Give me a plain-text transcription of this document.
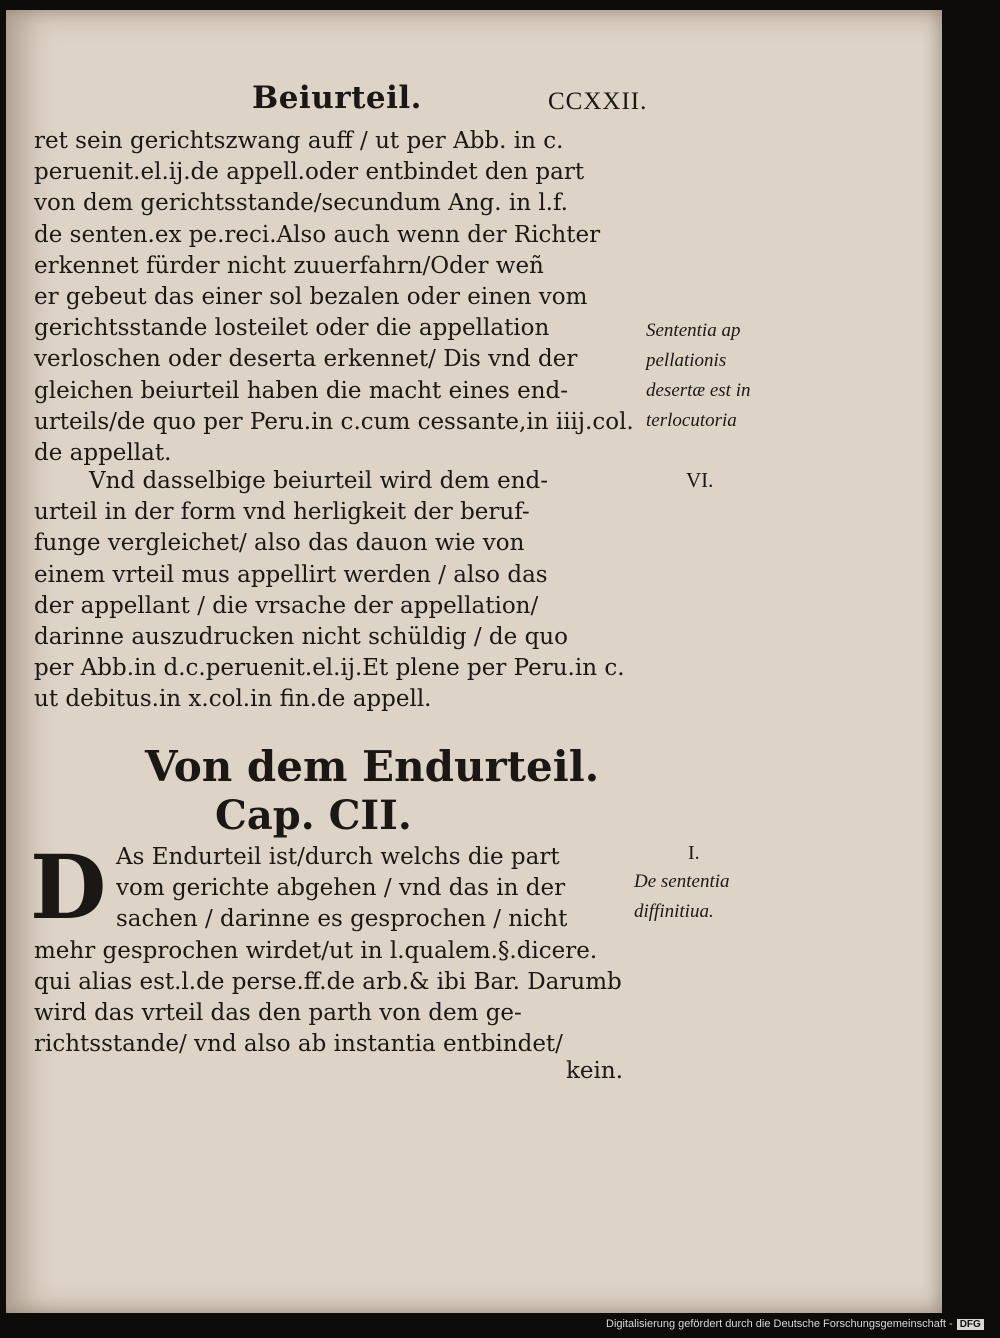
Beiurteil.	CCXXII.
ret sein gerichtszwang auff / ut per Abb. in c.
peruenit.el.ij.de appell.oder entbindet den part
von dem gerichtsstande/secundum Ang. in l.f.
de senten.ex pe.reci.Also auch wenn der Richter
erkennet fürder nicht zuuerfahrn/Oder weñ
er gebeut das einer sol bezalen oder einen vom
gerichtsstande losteilet oder die appellation
verloschen oder deserta erkennet/ Dis vnd der
gleichen beiurteil haben die macht eines end-
urteils/de quo per Peru.in c.cum cessante,in iiij.col.
de appellat.
Vnd dasselbige beiurteil wird dem end-
urteil in der form vnd herligkeit der beruf-
funge vergleichet/ also das dauon wie von
einem vrteil mus appellirt werden / also das
der appellant / die vrsache der appellation/
darinne auszudrucken nicht schüldig / de quo
per Abb.in d.c.peruenit.el.ij.Et plene per Peru.in c.
ut debitus.in x.col.in fin.de appell.
Von dem Endurteil.
Cap. CII.
D As Endurteil ist/durch welchs die part
vom gerichte abgehen / vnd das in der
sachen / darinne es gesprochen / nicht
mehr gesprochen wirdet/ut in l.qualem.§.dicere.
qui alias est.l.de perse.ff.de arb.& ibi Bar. Darumb
wird das vrteil das den parth von dem ge-
richtsstande/ vnd also ab instantia entbindet/
kein.
Sententia ap
pellationis
desertæ est in
terlocutoria
VI.
I.
De sententia
diffinitiua.
Digitalisierung gefördert durch die Deutsche Forschungsgemeinschaft - DFG
